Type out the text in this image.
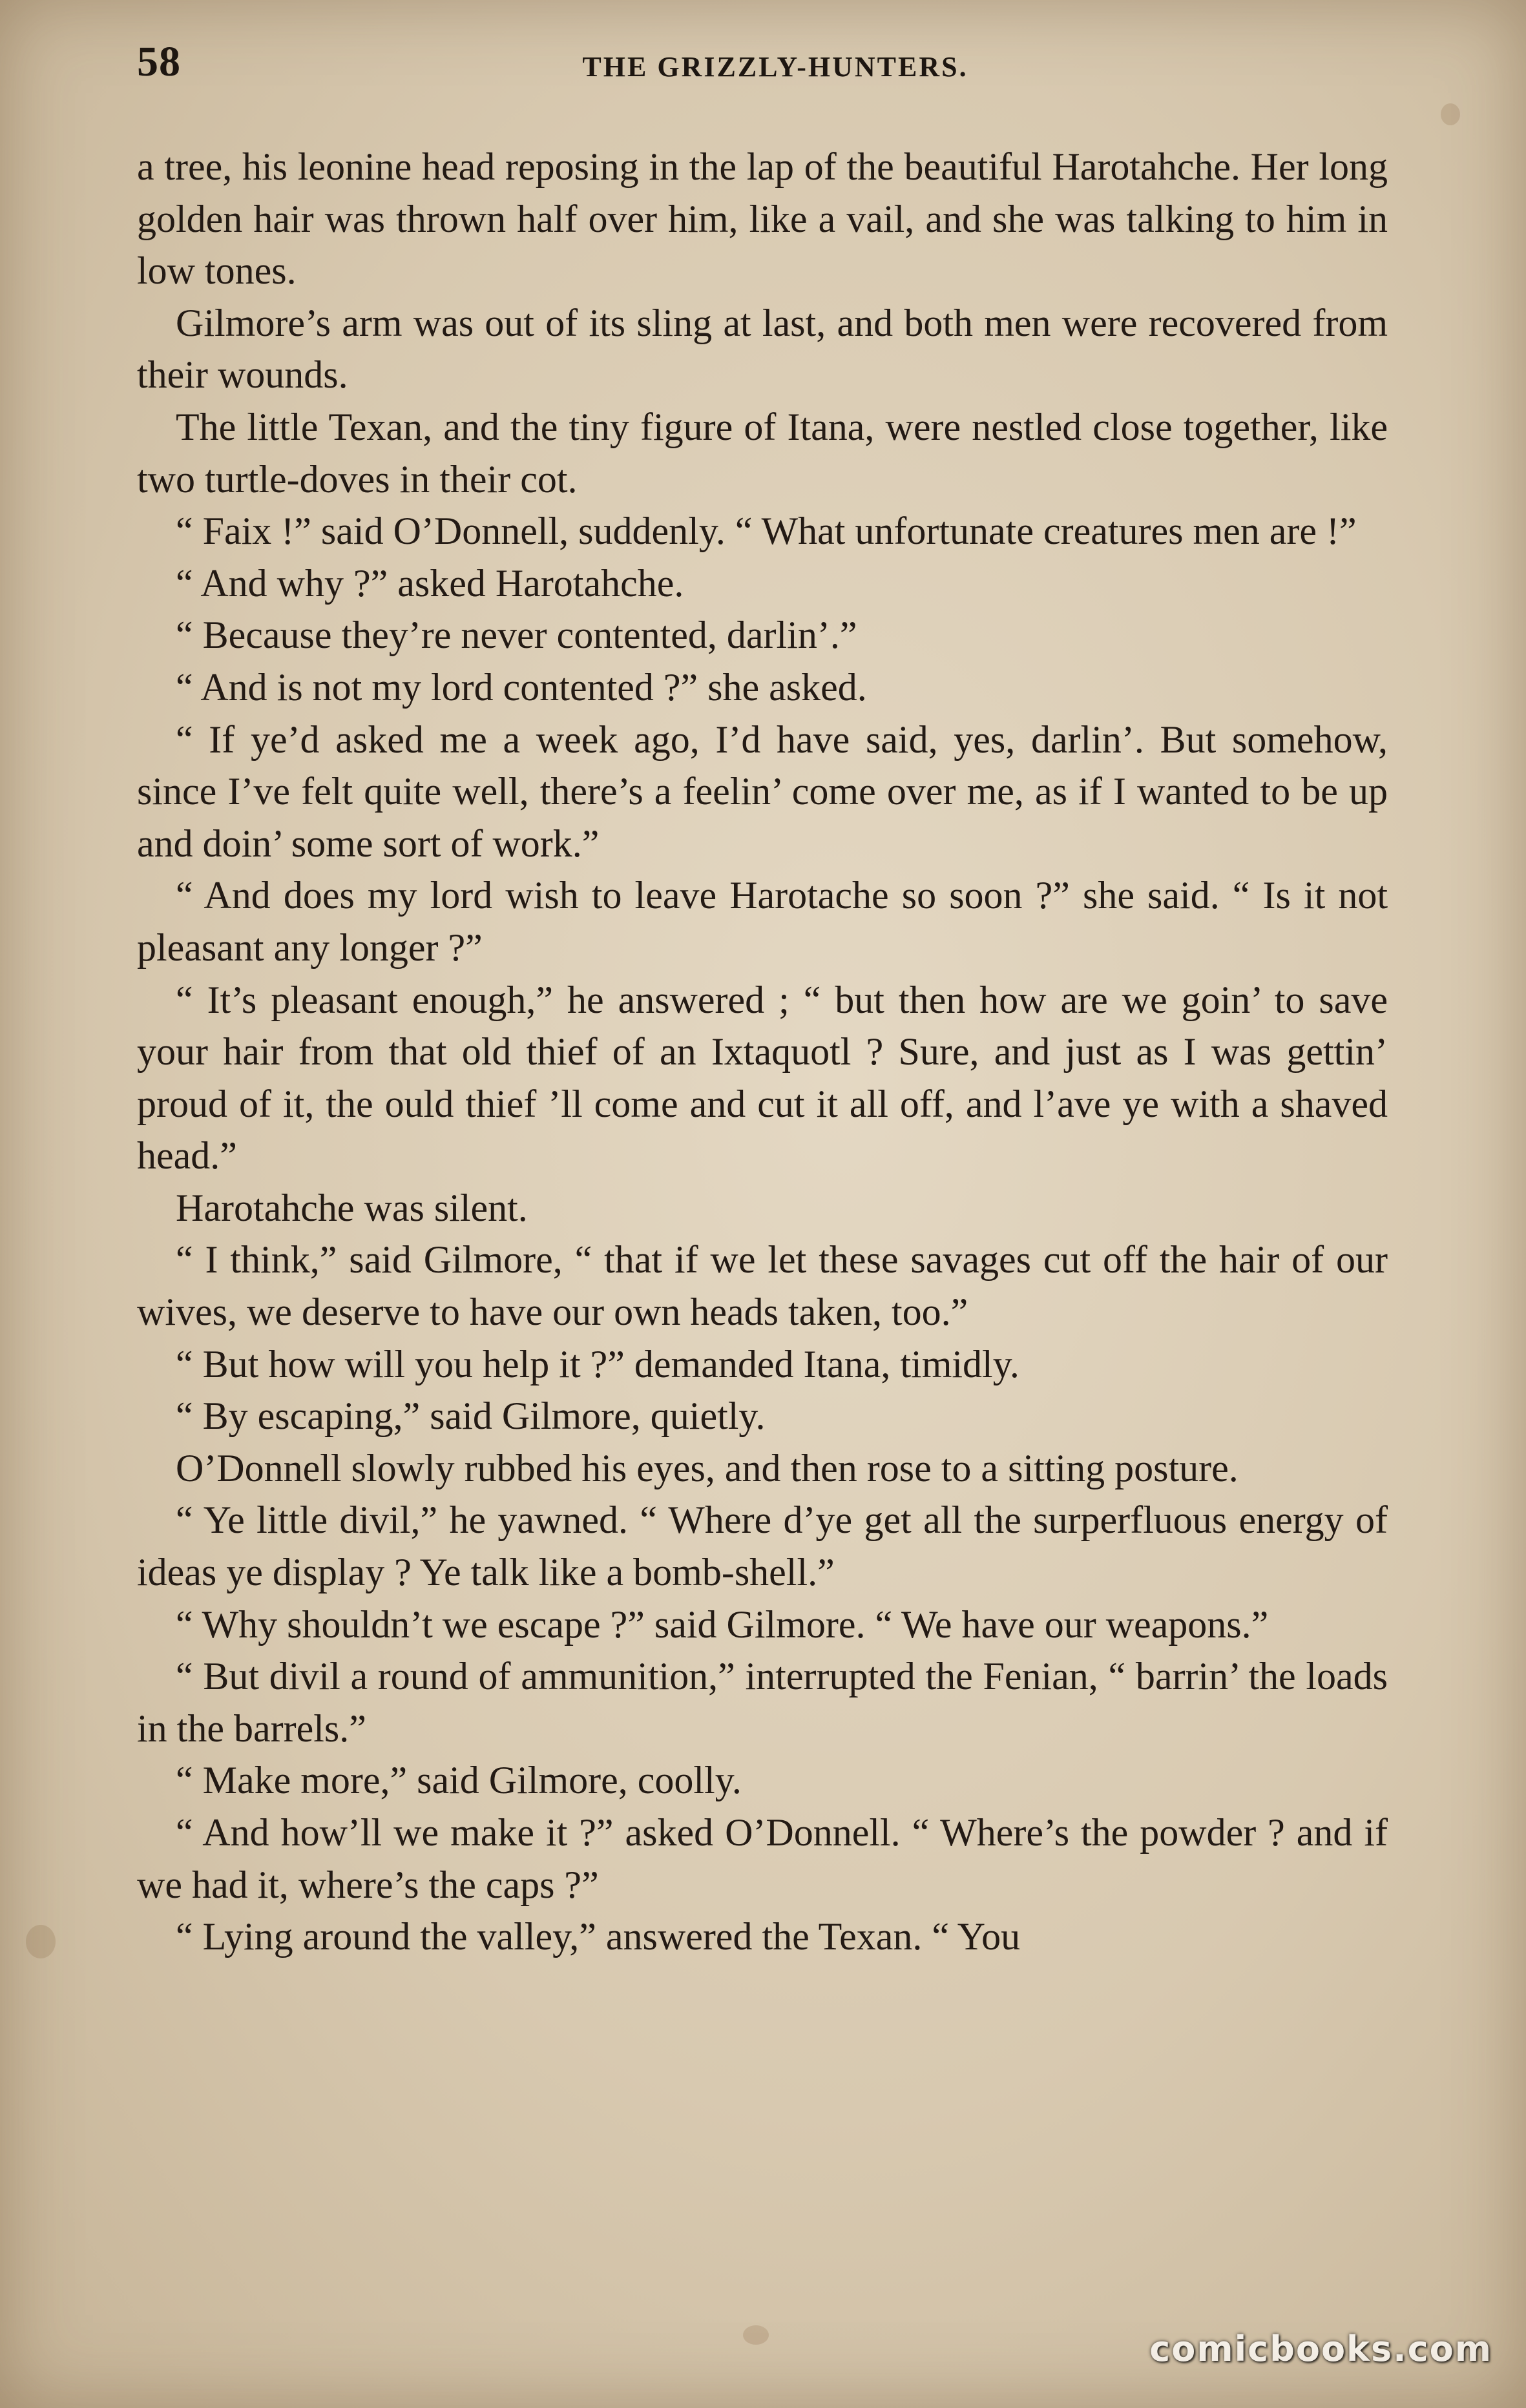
58	THE GRIZZLY-HUNTERS.

a tree, his leonine head reposing in the lap of the beautiful Harotahche. Her long golden hair was thrown half over him, like a vail, and she was talking to him in low tones.

Gilmore’s arm was out of its sling at last, and both men were recovered from their wounds.

The little Texan, and the tiny figure of Itana, were nestled close together, like two turtle-doves in their cot.

“ Faix !” said O’Donnell, suddenly. “ What unfortunate creatures men are !”

“ And why ?” asked Harotahche.

“ Because they’re never contented, darlin’.”

“ And is not my lord contented ?” she asked.

“ If ye’d asked me a week ago, I’d have said, yes, darlin’. But somehow, since I’ve felt quite well, there’s a feelin’ come over me, as if I wanted to be up and doin’ some sort of work.”

“ And does my lord wish to leave Harotache so soon ?” she said. “ Is it not pleasant any longer ?”

“ It’s pleasant enough,” he answered ; “ but then how are we goin’ to save your hair from that old thief of an Ixtaquotl ? Sure, and just as I was gettin’ proud of it, the ould thief ’ll come and cut it all off, and l’ave ye with a shaved head.”

Harotahche was silent.

“ I think,” said Gilmore, “ that if we let these savages cut off the hair of our wives, we deserve to have our own heads taken, too.”

“ But how will you help it ?” demanded Itana, timidly.

“ By escaping,” said Gilmore, quietly.

O’Donnell slowly rubbed his eyes, and then rose to a sitting posture.

“ Ye little divil,” he yawned. “ Where d’ye get all the surperfluous energy of ideas ye display ? Ye talk like a bomb-shell.”

“ Why shouldn’t we escape ?” said Gilmore. “ We have our weapons.”

“ But divil a round of ammunition,” interrupted the Fenian, “ barrin’ the loads in the barrels.”

“ Make more,” said Gilmore, coolly.

“ And how’ll we make it ?” asked O’Donnell. “ Where’s the powder ? and if we had it, where’s the caps ?”

“ Lying around the valley,” answered the Texan. “ You

comicbooks.com
